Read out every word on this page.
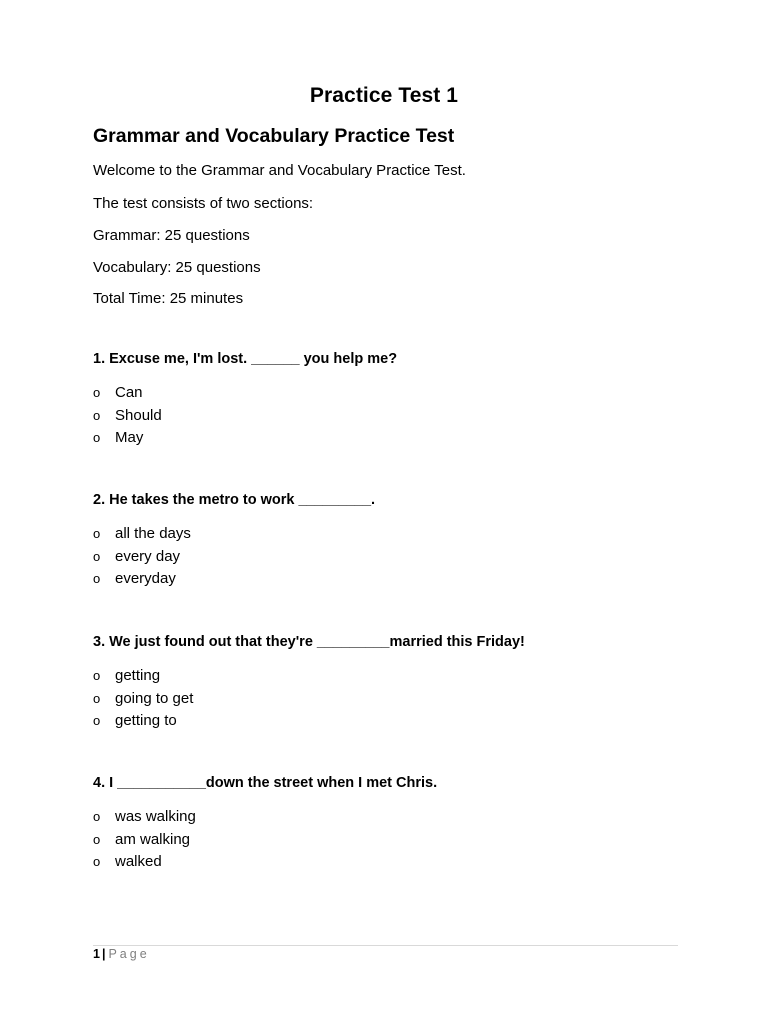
Practice Test 1
Grammar and Vocabulary Practice Test
Welcome to the Grammar and Vocabulary Practice Test.
The test consists of two sections:
Grammar: 25 questions
Vocabulary: 25 questions
Total Time: 25 minutes
1. Excuse me, I'm lost. ______ you help me?
o Can
o Should
o May
2. He takes the metro to work _________.
o all the days
o every day
o everyday
3. We just found out that they're _________married this Friday!
o getting
o going to get
o getting to
4. I ___________down the street when I met Chris.
o was walking
o am walking
o walked
1 | Page
